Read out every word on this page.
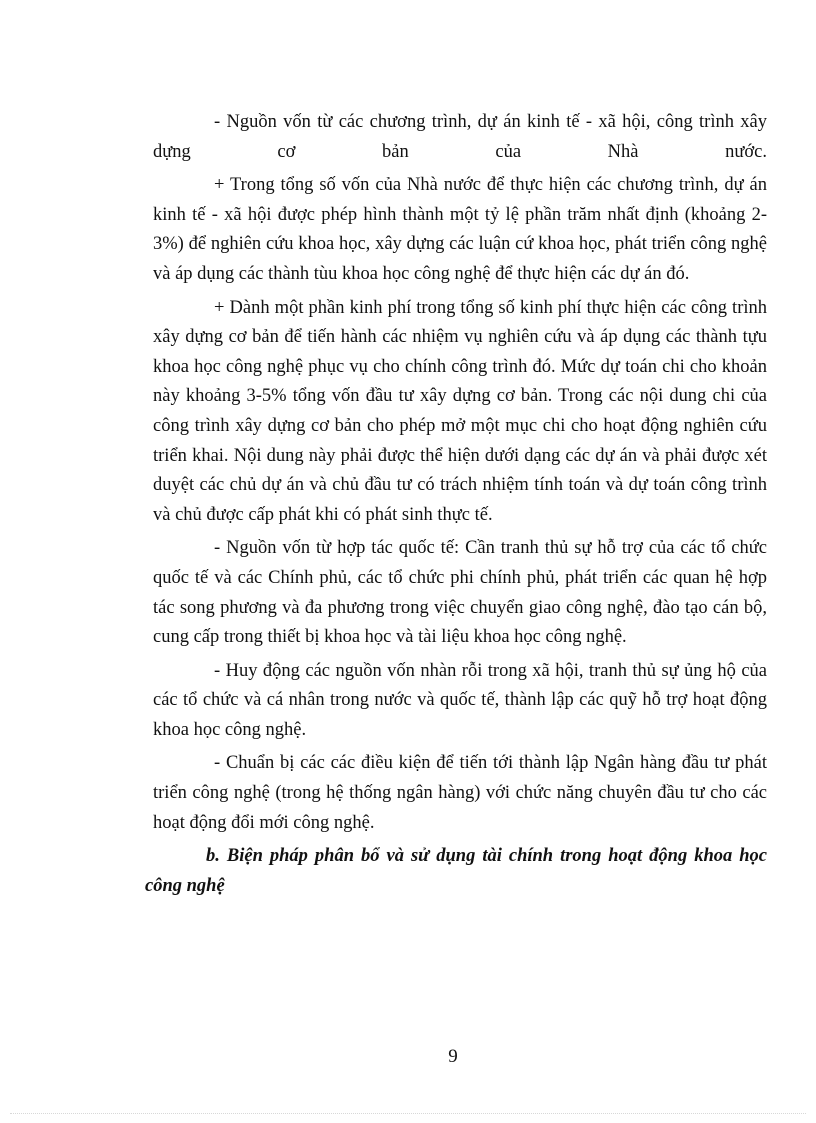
- Nguồn vốn từ các chương trình, dự án kinh tế - xã hội, công trình xây dựng cơ bản của Nhà nước.

+ Trong tổng số vốn của Nhà nước để thực hiện các chương trình, dự án kinh tế - xã hội được phép hình thành một tỷ lệ phần trăm nhất định (khoảng 2-3%) để nghiên cứu khoa học, xây dựng các luận cứ khoa học, phát triển công nghệ và áp dụng các thành tùu khoa học công nghệ để thực hiện các dự án đó.

+ Dành một phần kinh phí trong tổng số kinh phí thực hiện các công trình xây dựng cơ bản để tiến hành các nhiệm vụ nghiên cứu và áp dụng các thành tựu khoa học công nghệ phục vụ cho chính công trình đó. Mức dự toán chi cho khoản này khoảng 3-5% tổng vốn đầu tư xây dựng cơ bản. Trong các nội dung chi của công trình xây dựng cơ bản cho phép mở một mục chi cho hoạt động nghiên cứu triển khai. Nội dung này phải được thể hiện dưới dạng các dự án và phải được xét duyệt các chủ dự án và chủ đầu tư có trách nhiệm tính toán và dự toán công trình và chủ được cấp phát khi có phát sinh thực tế.

- Nguồn vốn từ hợp tác quốc tế: Cần tranh thủ sự hỗ trợ của các tổ chức quốc tế và các Chính phủ, các tổ chức phi chính phủ, phát triển các quan hệ hợp tác song phương và đa phương trong việc chuyển giao công nghệ, đào tạo cán bộ, cung cấp trong thiết bị khoa học và tài liệu khoa học công nghệ.

- Huy động các nguồn vốn nhàn rỗi trong xã hội, tranh thủ sự ủng hộ của các tổ chức và cá nhân trong nước và quốc tế, thành lập các quỹ hỗ trợ hoạt động khoa học công nghệ.

- Chuẩn bị các các điều kiện để tiến tới thành lập Ngân hàng đầu tư phát triển công nghệ (trong hệ thống ngân hàng) với chức năng chuyên đầu tư cho các hoạt động đổi mới công nghệ.

b. Biện pháp phân bổ và sử dụng tài chính trong hoạt động khoa học công nghệ

9
